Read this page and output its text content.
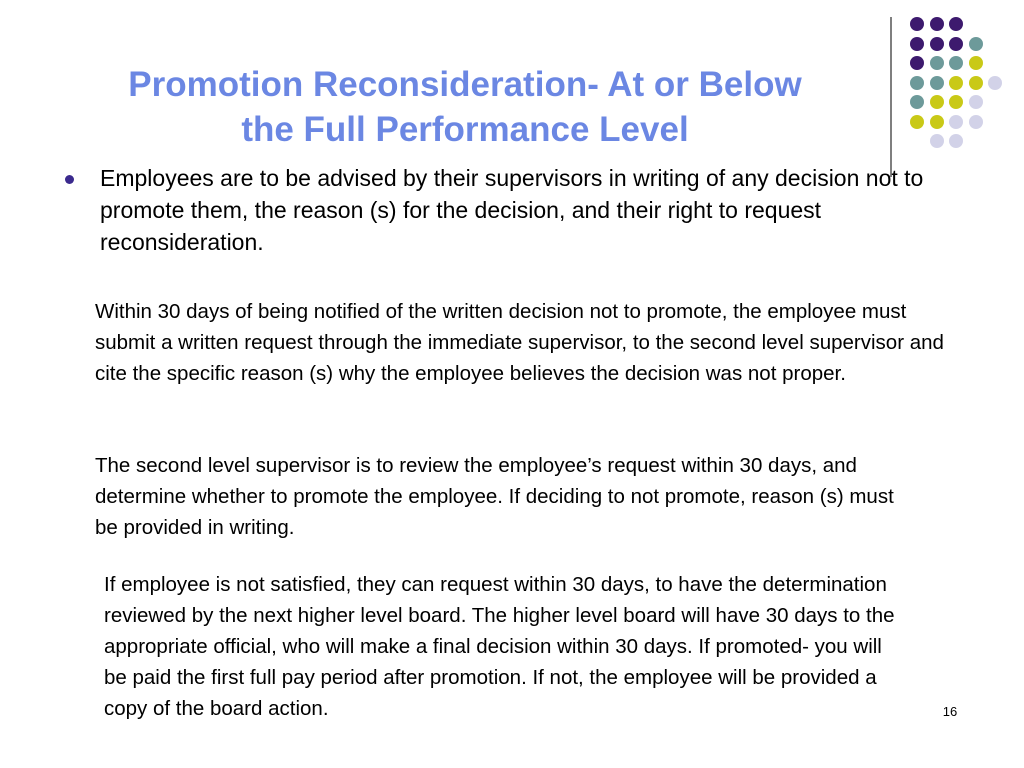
Promotion Reconsideration- At or Below
the Full Performance Level

Employees are to be advised by their supervisors in writing of any decision not to promote them, the reason (s) for the decision, and their right to request reconsideration.

Within 30 days of being notified of the written decision not to promote, the employee must submit a written request through the immediate supervisor, to the second level supervisor and cite the specific reason (s) why the employee believes the decision was not proper.

The second level supervisor is to review the employee’s request within 30 days, and determine whether to promote the employee. If deciding to not promote, reason (s) must be provided in writing.

If employee is not satisfied, they can request within 30 days, to have the determination reviewed by the next higher level board. The higher level board will have 30 days to the appropriate official, who will make a final decision within 30 days. If promoted- you will be paid the first full pay period after promotion. If not, the employee will be provided a copy of the board action.	16
